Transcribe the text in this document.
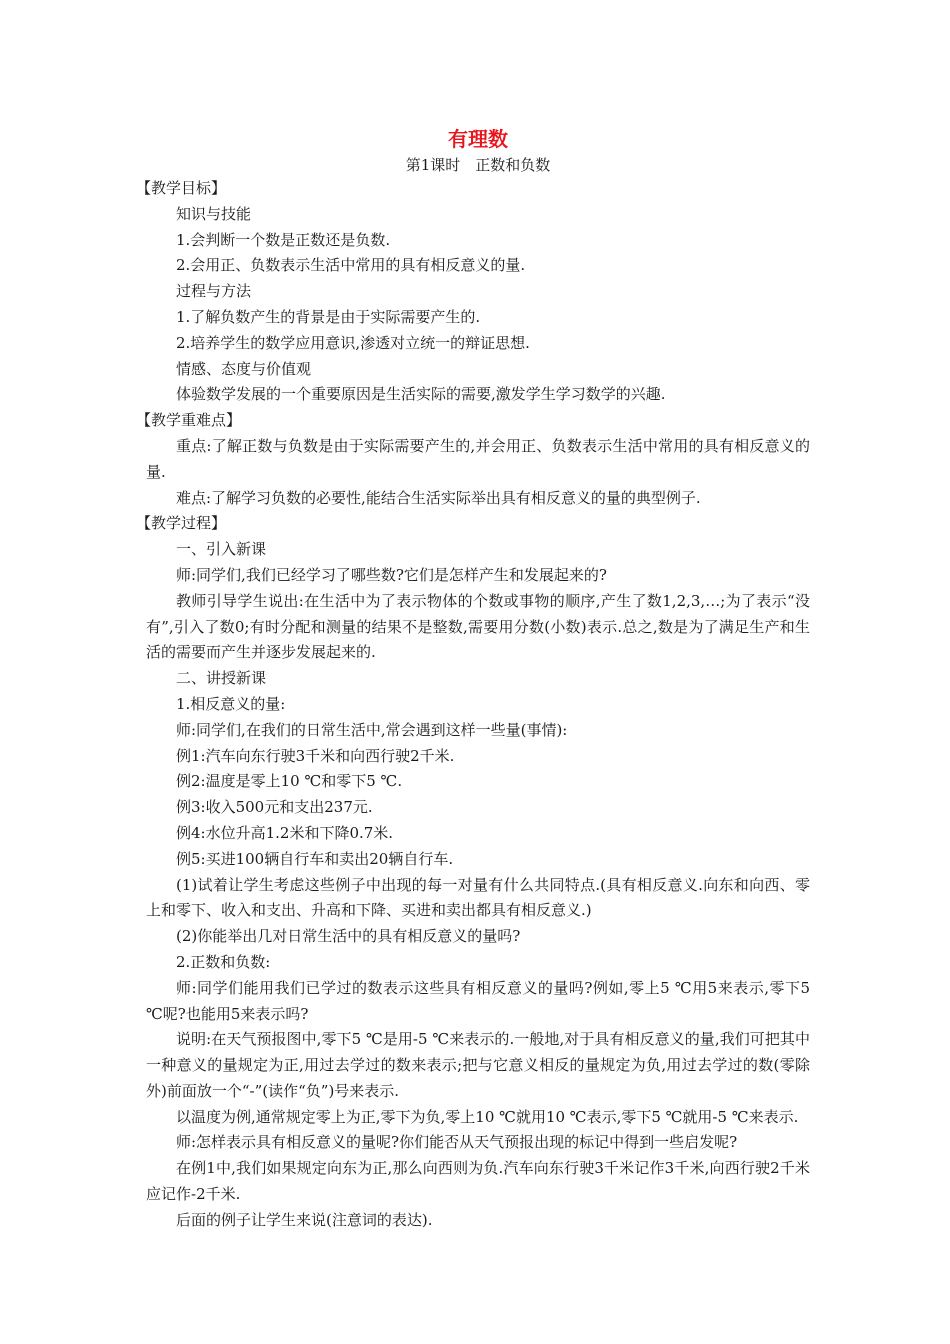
有理数
第1课时　正数和负数

【教学目标】

知识与技能

1.会判断一个数是正数还是负数.

2.会用正、负数表示生活中常用的具有相反意义的量.

过程与方法

1.了解负数产生的背景是由于实际需要产生的.

2.培养学生的数学应用意识,渗透对立统一的辩证思想.

情感、态度与价值观

体验数学发展的一个重要原因是生活实际的需要,激发学生学习数学的兴趣.

【教学重难点】

重点:了解正数与负数是由于实际需要产生的,并会用正、负数表示生活中常用的具有相反意义的量.

难点:了解学习负数的必要性,能结合生活实际举出具有相反意义的量的典型例子.

【教学过程】

一、引入新课

师:同学们,我们已经学习了哪些数?它们是怎样产生和发展起来的?

教师引导学生说出:在生活中为了表示物体的个数或事物的顺序,产生了数1,2,3,…;为了表示“没有”,引入了数0;有时分配和测量的结果不是整数,需要用分数(小数)表示.总之,数是为了满足生产和生活的需要而产生并逐步发展起来的.

二、讲授新课

1.相反意义的量:

师:同学们,在我们的日常生活中,常会遇到这样一些量(事情):

例1:汽车向东行驶3千米和向西行驶2千米.

例2:温度是零上10 ℃和零下5 ℃.

例3:收入500元和支出237元.

例4:水位升高1.2米和下降0.7米.

例5:买进100辆自行车和卖出20辆自行车.

(1)试着让学生考虑这些例子中出现的每一对量有什么共同特点.(具有相反意义.向东和向西、零上和零下、收入和支出、升高和下降、买进和卖出都具有相反意义.)

(2)你能举出几对日常生活中的具有相反意义的量吗?

2.正数和负数:

师:同学们能用我们已学过的数表示这些具有相反意义的量吗?例如,零上5 ℃用5来表示,零下5 ℃呢?也能用5来表示吗?

说明:在天气预报图中,零下5 ℃是用-5 ℃来表示的.一般地,对于具有相反意义的量,我们可把其中一种意义的量规定为正,用过去学过的数来表示;把与它意义相反的量规定为负,用过去学过的数(零除外)前面放一个“-”(读作“负”)号来表示.

以温度为例,通常规定零上为正,零下为负,零上10 ℃就用10 ℃表示,零下5 ℃就用-5 ℃来表示.

师:怎样表示具有相反意义的量呢?你们能否从天气预报出现的标记中得到一些启发呢?

在例1中,我们如果规定向东为正,那么向西则为负.汽车向东行驶3千米记作3千米,向西行驶2千米应记作-2千米.

后面的例子让学生来说(注意词的表达).
